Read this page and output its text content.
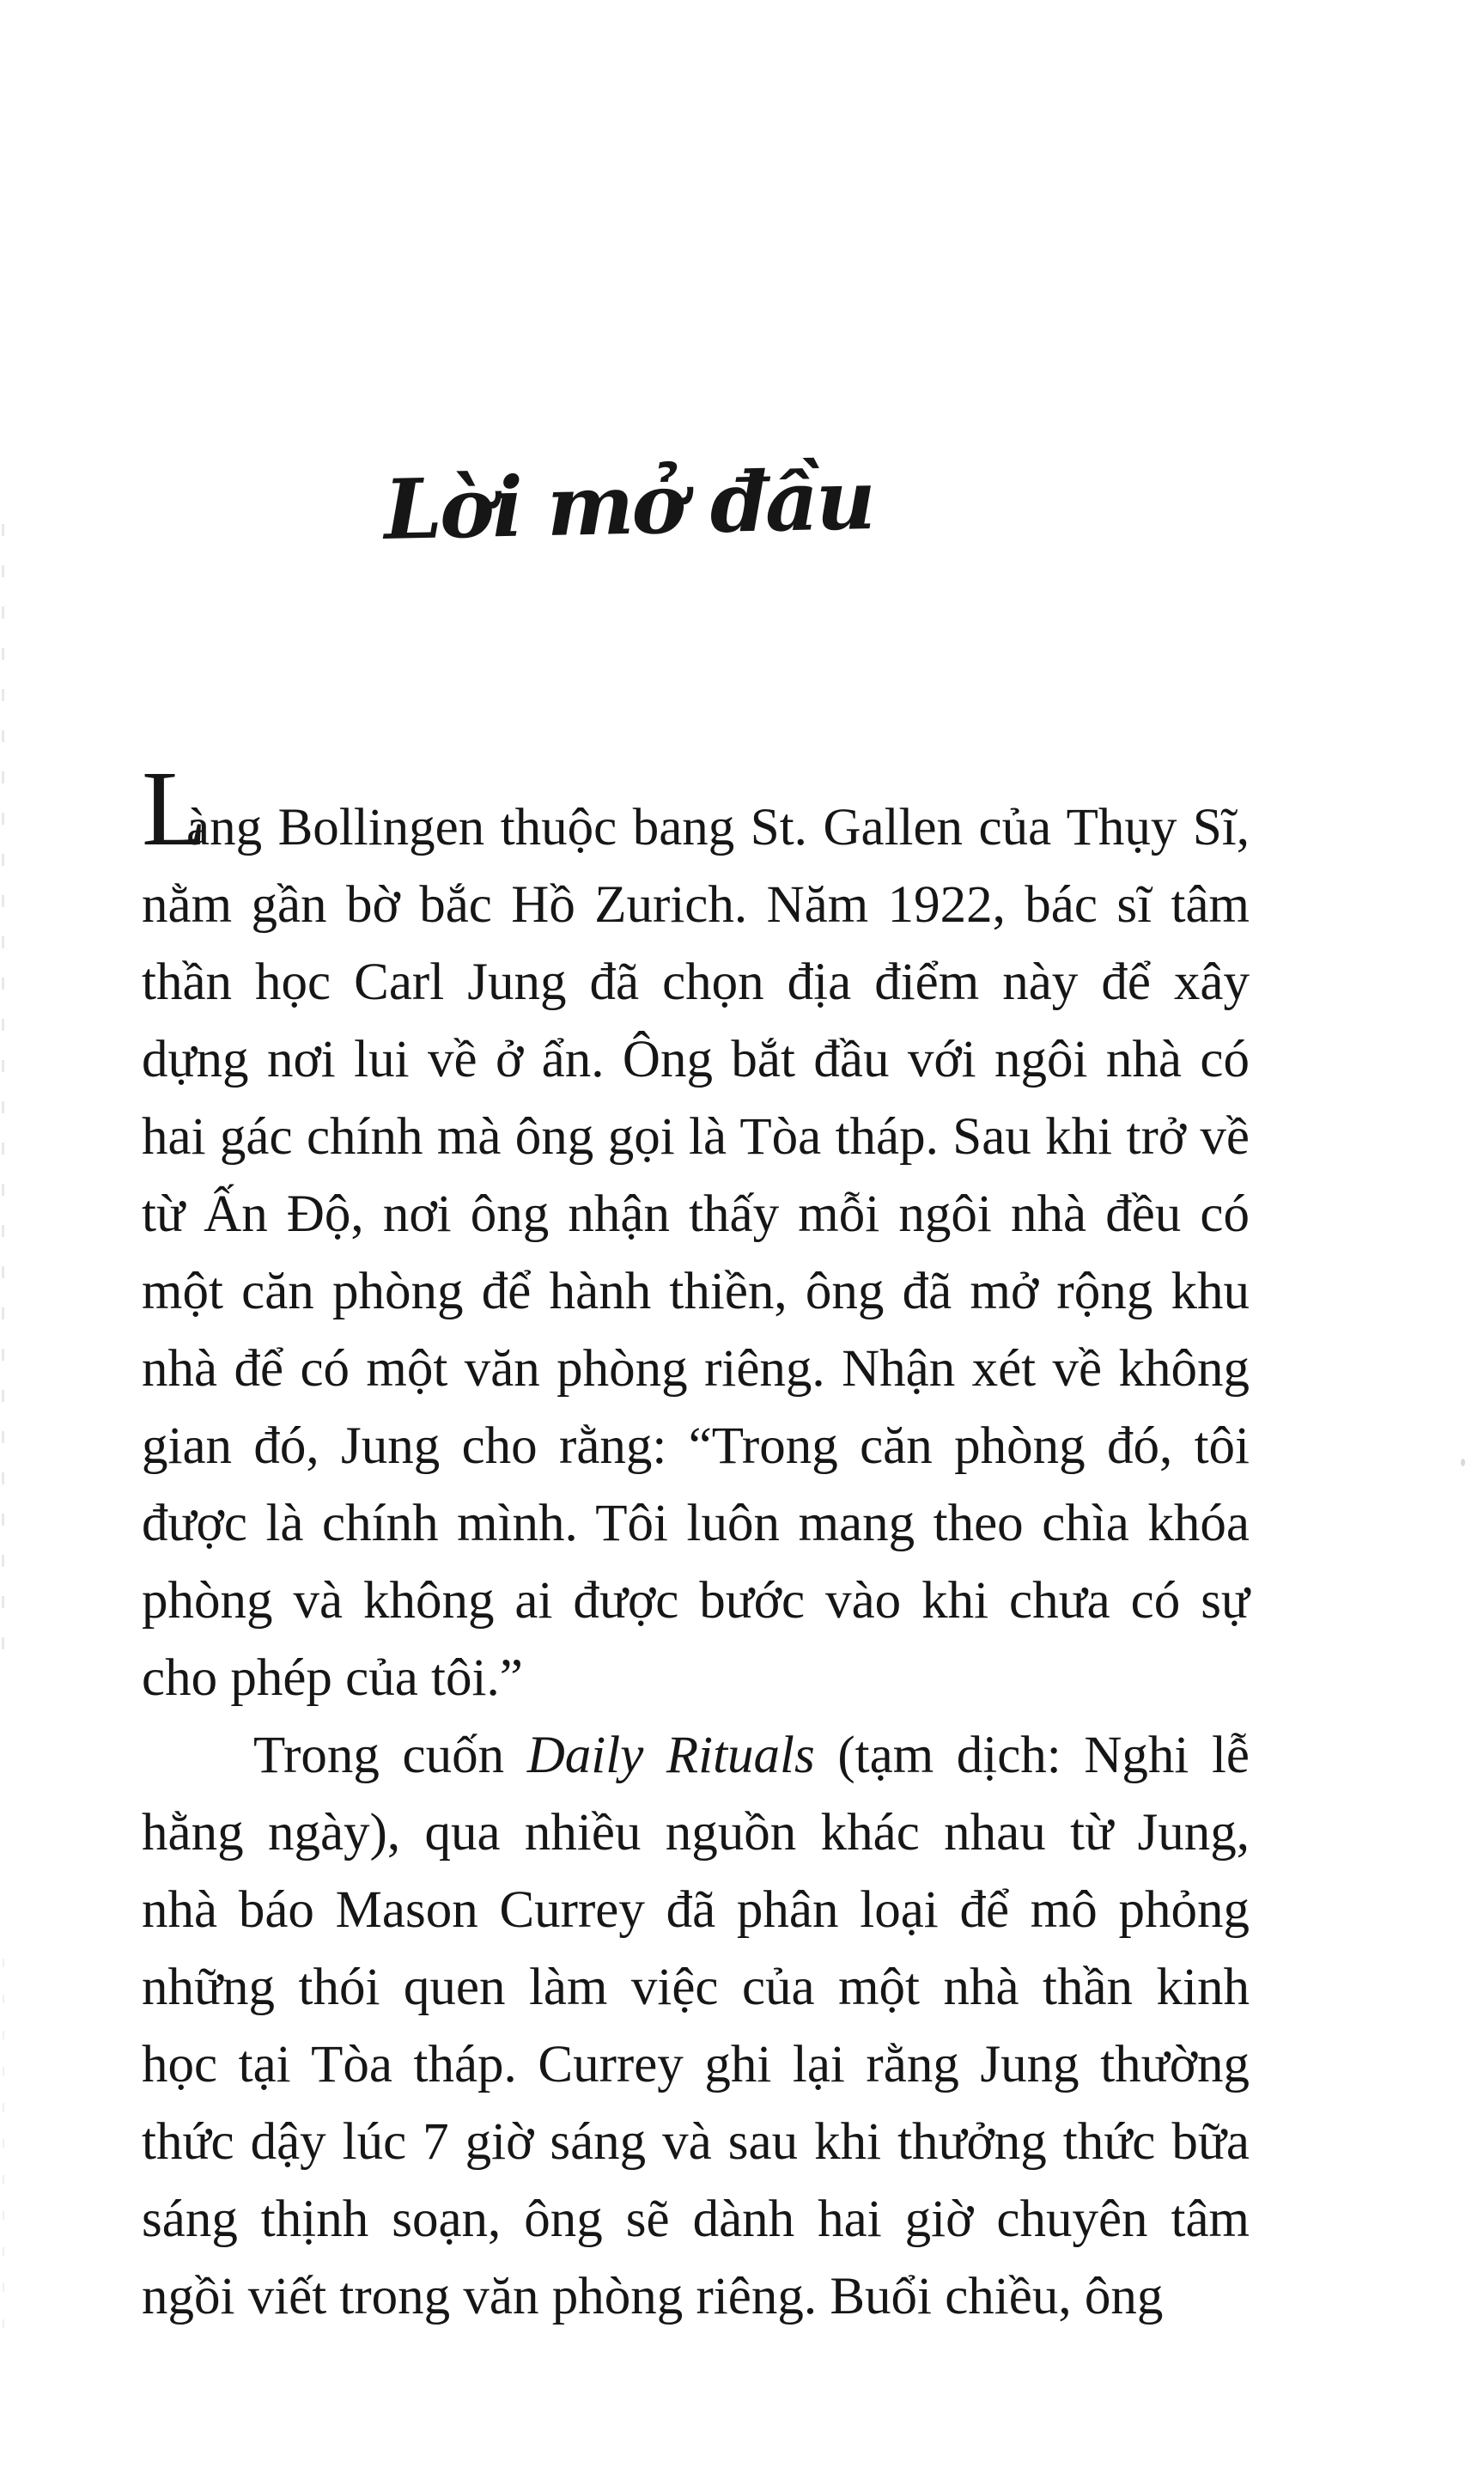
Lời mở đầu
L
àng Bollingen thuộc bang St. Gallen của Thụy Sĩ,
nằm gần bờ bắc Hồ Zurich. Năm 1922, bác sĩ tâm
thần học Carl Jung đã chọn địa điểm này để xây
dựng nơi lui về ở ẩn. Ông bắt đầu với ngôi nhà có
hai gác chính mà ông gọi là Tòa tháp. Sau khi trở về
từ Ấn Độ, nơi ông nhận thấy mỗi ngôi nhà đều có
một căn phòng để hành thiền, ông đã mở rộng khu
nhà để có một văn phòng riêng. Nhận xét về không
gian đó, Jung cho rằng: “Trong căn phòng đó, tôi
được là chính mình. Tôi luôn mang theo chìa khóa
phòng và không ai được bước vào khi chưa có sự
cho phép của tôi.”
Trong cuốn Daily Rituals (tạm dịch: Nghi lễ
hằng ngày), qua nhiều nguồn khác nhau từ Jung,
nhà báo Mason Currey đã phân loại để mô phỏng
những thói quen làm việc của một nhà thần kinh
học tại Tòa tháp. Currey ghi lại rằng Jung thường
thức dậy lúc 7 giờ sáng và sau khi thưởng thức bữa
sáng thịnh soạn, ông sẽ dành hai giờ chuyên tâm
ngồi viết trong văn phòng riêng. Buổi chiều, ông
